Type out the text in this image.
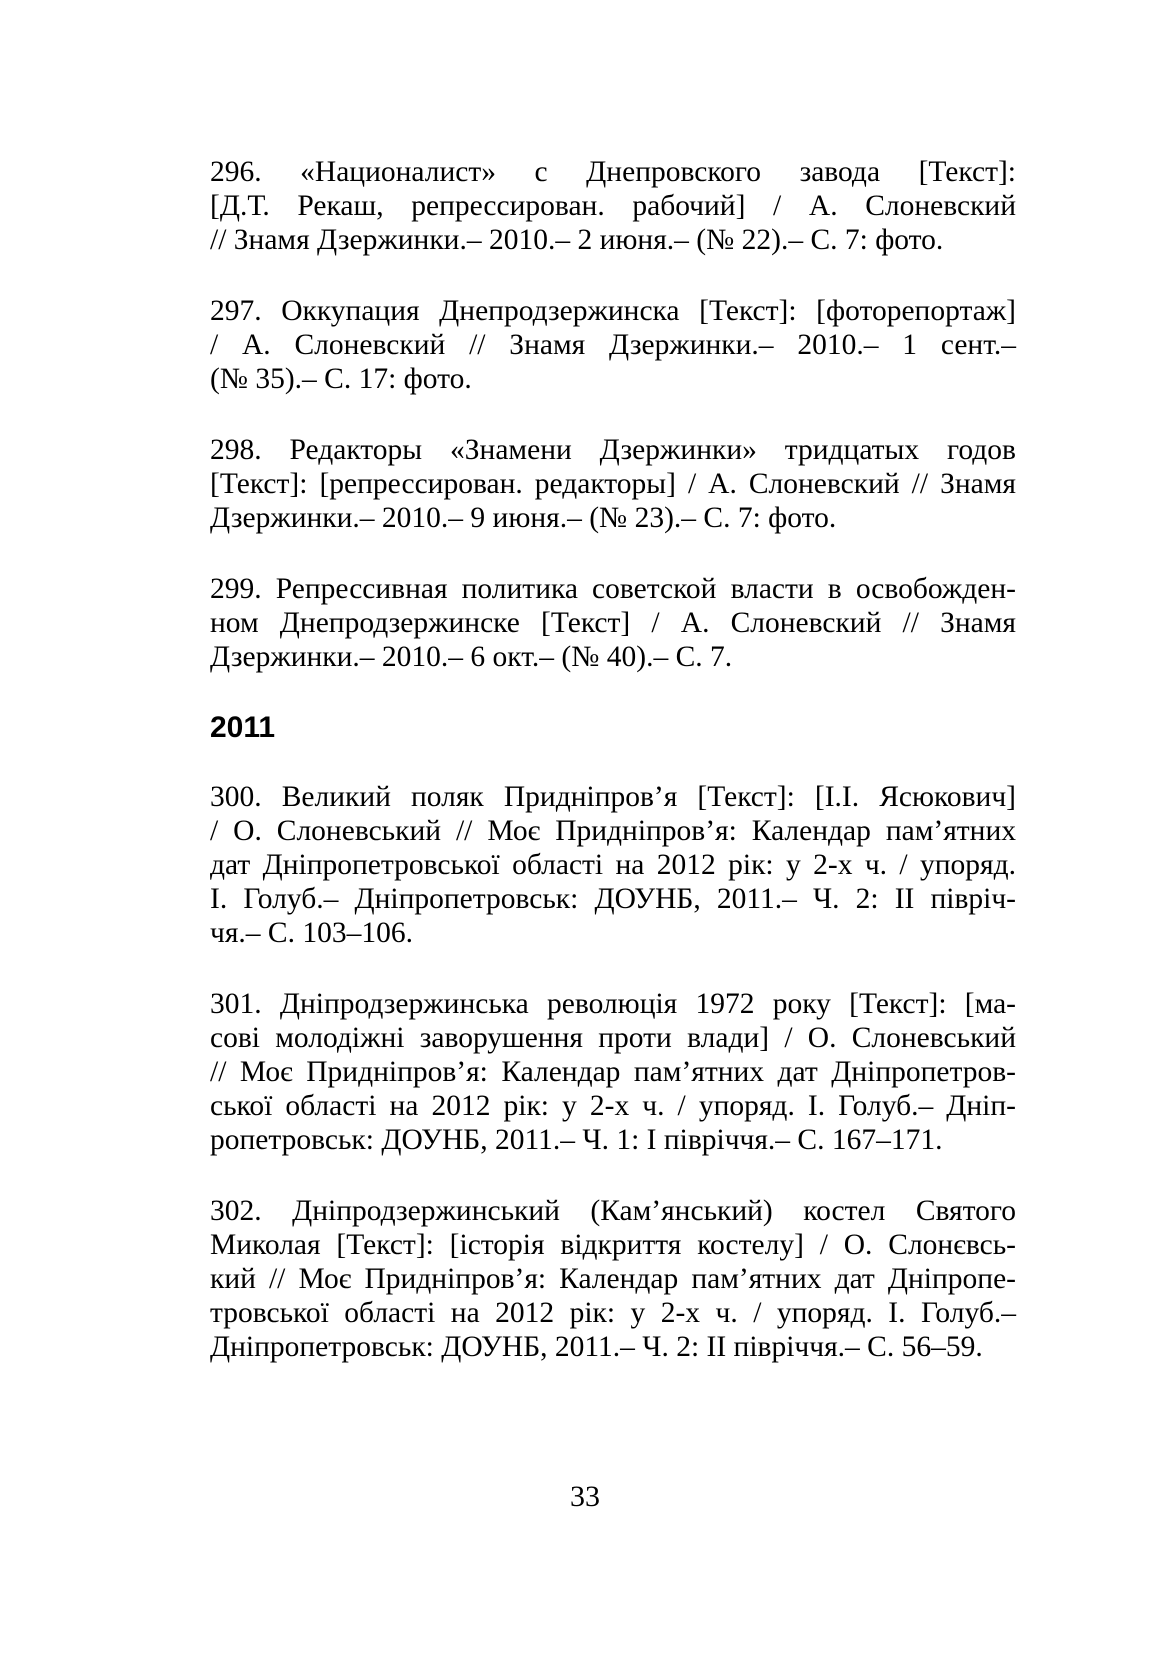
296. «Националист» с Днепровского завода [Текст]:
[Д.Т. Рекаш, репрессирован. рабочий] / А. Слоневский
// Знамя Дзержинки.– 2010.– 2 июня.– (№ 22).– С. 7: фото.
297. Оккупация Днепродзержинска [Текст]: [фоторепортаж]
/ А. Слоневский // Знамя Дзержинки.– 2010.– 1 сент.–
(№ 35).– С. 17: фото.
298. Редакторы «Знамени Дзержинки» тридцатых годов
[Текст]: [репрессирован. редакторы] / А. Слоневский // Знамя
Дзержинки.– 2010.– 9 июня.– (№ 23).– С. 7: фото.
299. Репрессивная политика советской власти в освобожден-
ном Днепродзержинске [Текст] / А. Слоневский // Знамя
Дзержинки.– 2010.– 6 окт.– (№ 40).– С. 7.
2011
300. Великий поляк Придніпров’я [Текст]: [І.І. Ясюкович]
/ О. Слоневський // Моє Придніпров’я: Календар пам’ятних
дат Дніпропетровської області на 2012 рік: у 2-х ч. / упоряд.
І. Голуб.– Дніпропетровськ: ДОУНБ, 2011.– Ч. 2: ІІ півріч-
чя.– С. 103–106.
301. Дніпродзержинська революція 1972 року [Текст]: [ма-
сові молодіжні заворушення проти влади] / О. Слоневський
// Моє Придніпров’я: Календар пам’ятних дат Дніпропетров-
ської області на 2012 рік: у 2-х ч. / упоряд. І. Голуб.– Дніп-
ропетровськ: ДОУНБ, 2011.– Ч. 1: І півріччя.– С. 167–171.
302. Дніпродзержинський (Кам’янський) костел Святого
Миколая [Текст]: [історія відкриття костелу] / О. Слонєвсь-
кий // Моє Придніпров’я: Календар пам’ятних дат Дніпропе-
тровської області на 2012 рік: у 2-х ч. / упоряд. І. Голуб.–
Дніпропетровськ: ДОУНБ, 2011.– Ч. 2: ІІ півріччя.– С. 56–59.
33
